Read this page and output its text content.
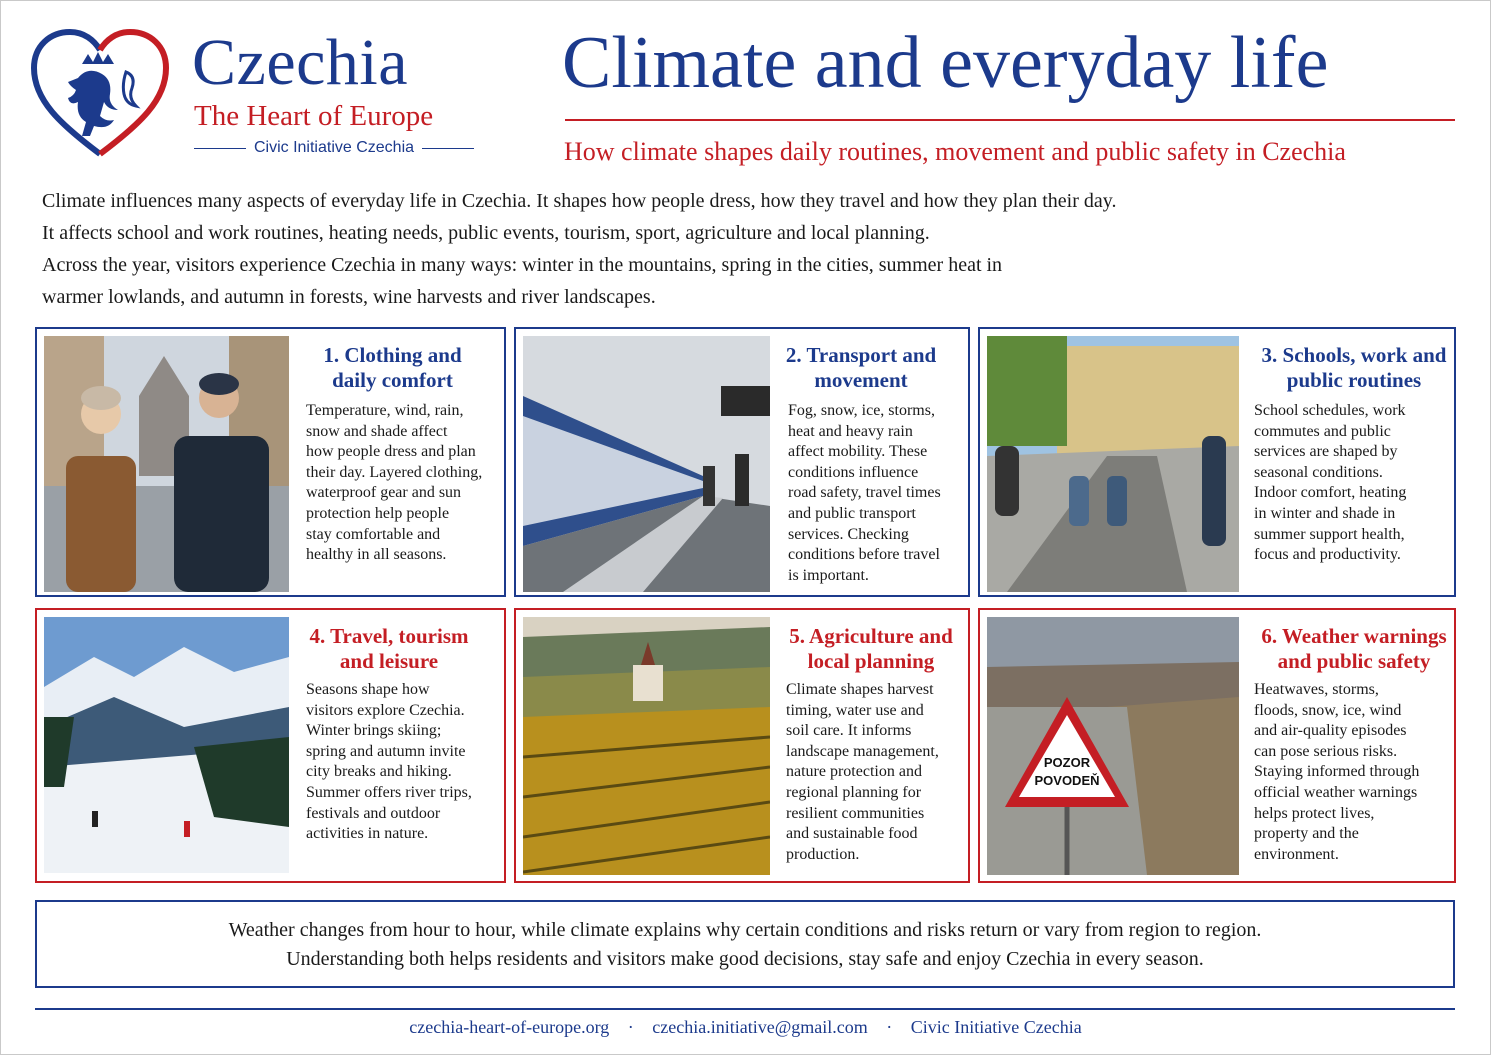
Czechia
The Heart of Europe
Civic Initiative Czechia
Climate and everyday life
How climate shapes daily routines, movement and public safety in Czechia

Climate influences many aspects of everyday life in Czechia. It shapes how people dress, how they travel and how they plan their day.

It affects school and work routines, heating needs, public events, tourism, sport, agriculture and local planning.

Across the year, visitors experience Czechia in many ways: winter in the mountains, spring in the cities, summer heat in

warmer lowlands, and autumn in forests, wine harvests and river landscapes.

1. Clothing and
daily comfort
Temperature, wind, rain,
snow and shade affect
how people dress and plan
their day. Layered clothing,
waterproof gear and sun
protection help people
stay comfortable and
healthy in all seasons.
2. Transport and
movement
Fog, snow, ice, storms,
heat and heavy rain
affect mobility. These
conditions influence
road safety, travel times
and public transport
services. Checking
conditions before travel
is important.
3. Schools, work and
public routines
School schedules, work
commutes and public
services are shaped by
seasonal conditions.
Indoor comfort, heating
in winter and shade in
summer support health,
focus and productivity.
4. Travel, tourism
and leisure
Seasons shape how
visitors explore Czechia.
Winter brings skiing;
spring and autumn invite
city breaks and hiking.
Summer offers river trips,
festivals and outdoor
activities in nature.
5. Agriculture and
local planning
Climate shapes harvest
timing, water use and
soil care. It informs
landscape management,
nature protection and
regional planning for
resilient communities
and sustainable food
production.
POZOR
POVODEŇ
6. Weather warnings
and public safety
Heatwaves, storms,
floods, snow, ice, wind
and air-quality episodes
can pose serious risks.
Staying informed through
official weather warnings
helps protect lives,
property and the
environment.
Weather changes from hour to hour, while climate explains why certain conditions and risks return or vary from region to region.
Understanding both helps residents and visitors make good decisions, stay safe and enjoy Czechia in every season.
czechia-heart-of-europe.org · czechia.initiative@gmail.com · Civic Initiative Czechia
